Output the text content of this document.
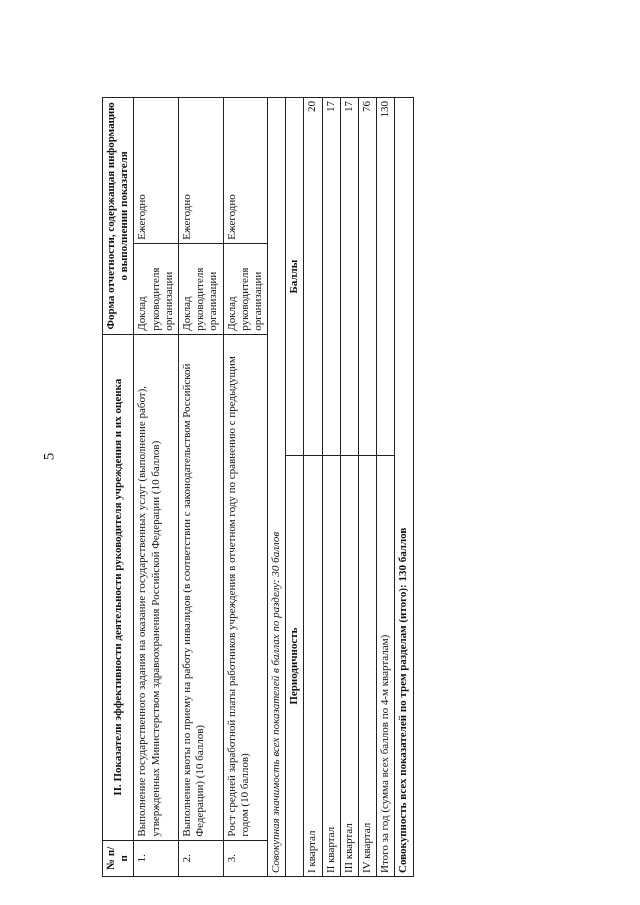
5
№ п/п	II. Показатели эффективности деятельности руководителя учреждения и их оценка		Форма отчетности, содержащая информацию о выполнении показателя	
1.	Выполнение государственного задания на оказание государственных услуг (выполнение работ), утвержденных Министерством здравоохранения Российской Федерации (10 баллов)		Доклад руководителя организации	Ежегодно
2.	Выполнение квоты по приему на работу инвалидов (в соответствии с законодательством Российской Федерации) (10 баллов)		Доклад руководителя организации	Ежегодно
3.	Рост средней заработной платы работников учреждения в отчетном году по сравнению с предыдущим годом (10 баллов)		Доклад руководителя организации	Ежегодно
Совокупная значимость всех показателей в баллах по разделу: 30 баллов				
Периодичность		Баллы		
I квартал		20		
II квартал		17		
III квартал		17		
IV квартал		76		
Итого за год (сумма всех баллов по 4-м кварталам)		130		
Совокупность всех показателей по трем разделам (итого): 130 баллов				
